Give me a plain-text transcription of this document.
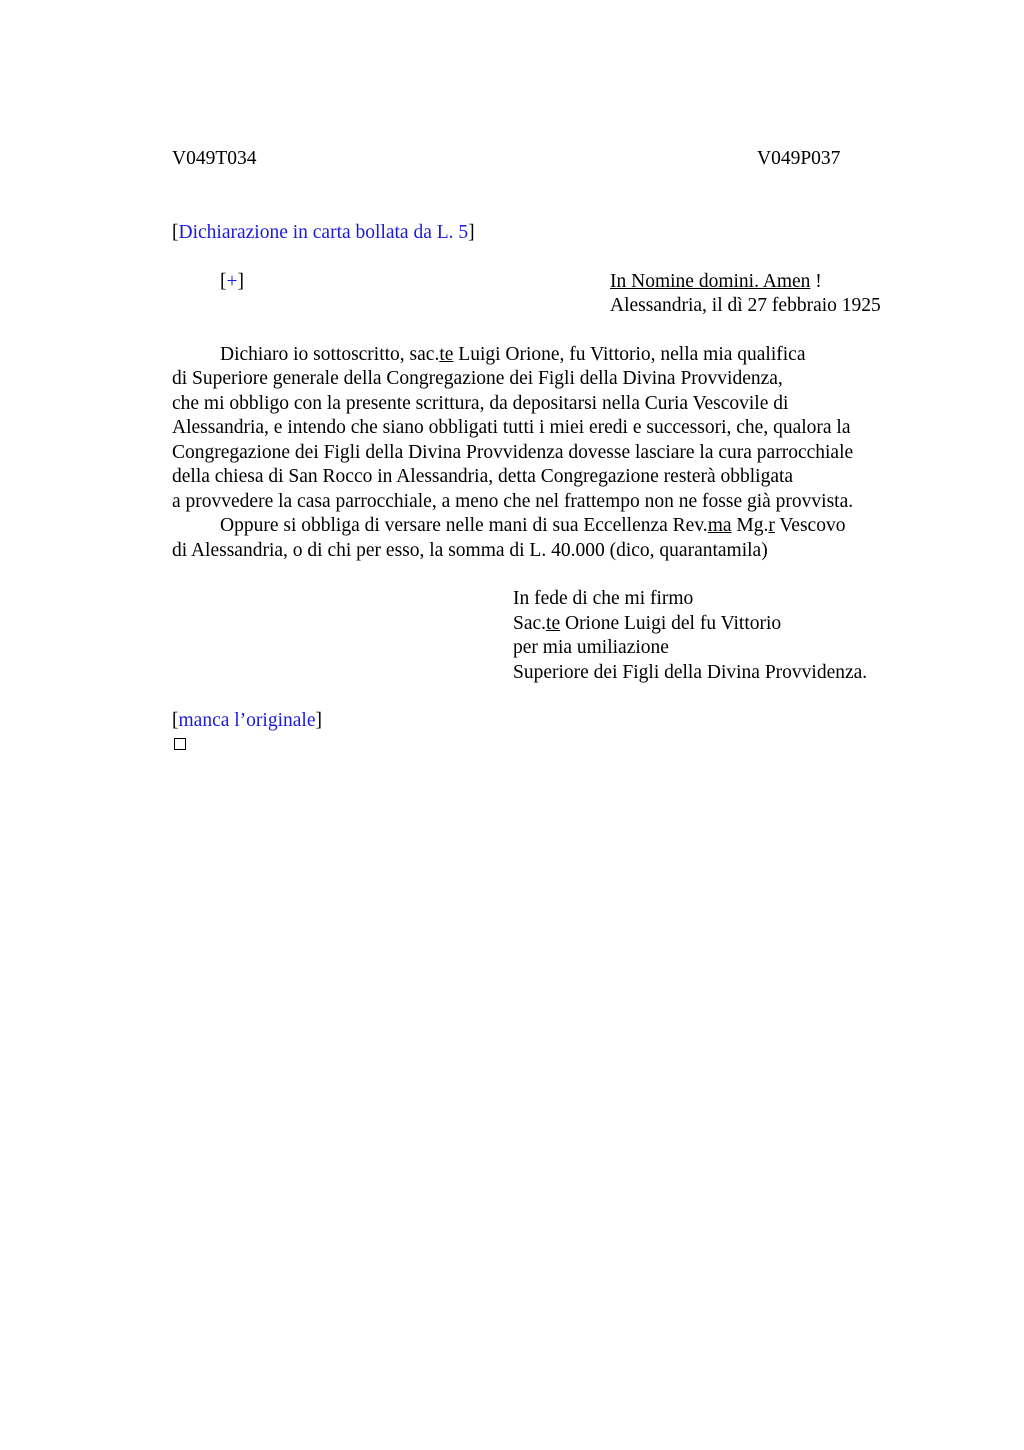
V049T034	V049P037
[Dichiarazione in carta bollata da L. 5]
[+]	In Nomine domini. Amen !
Alessandria, il dì 27 febbraio 1925
Dichiaro io sottoscritto, sac.te Luigi Orione, fu Vittorio, nella mia qualifica
di Superiore generale della Congregazione dei Figli della Divina Provvidenza,
che mi obbligo con la presente scrittura, da depositarsi nella Curia Vescovile di
Alessandria, e intendo che siano obbligati tutti i miei eredi e successori, che, qualora la
Congregazione dei Figli della Divina Provvidenza dovesse lasciare la cura parrocchiale
della chiesa di San Rocco in Alessandria, detta Congregazione resterà obbligata
a provvedere la casa parrocchiale, a meno che nel frattempo non ne fosse già provvista.
Oppure si obbliga di versare nelle mani di sua Eccellenza Rev.ma Mg.r Vescovo
di Alessandria, o di chi per esso, la somma di L. 40.000 (dico, quarantamila)
In fede di che mi firmo
Sac.te Orione Luigi del fu Vittorio
per mia umiliazione
Superiore dei Figli della Divina Provvidenza.
[manca l’originale]
